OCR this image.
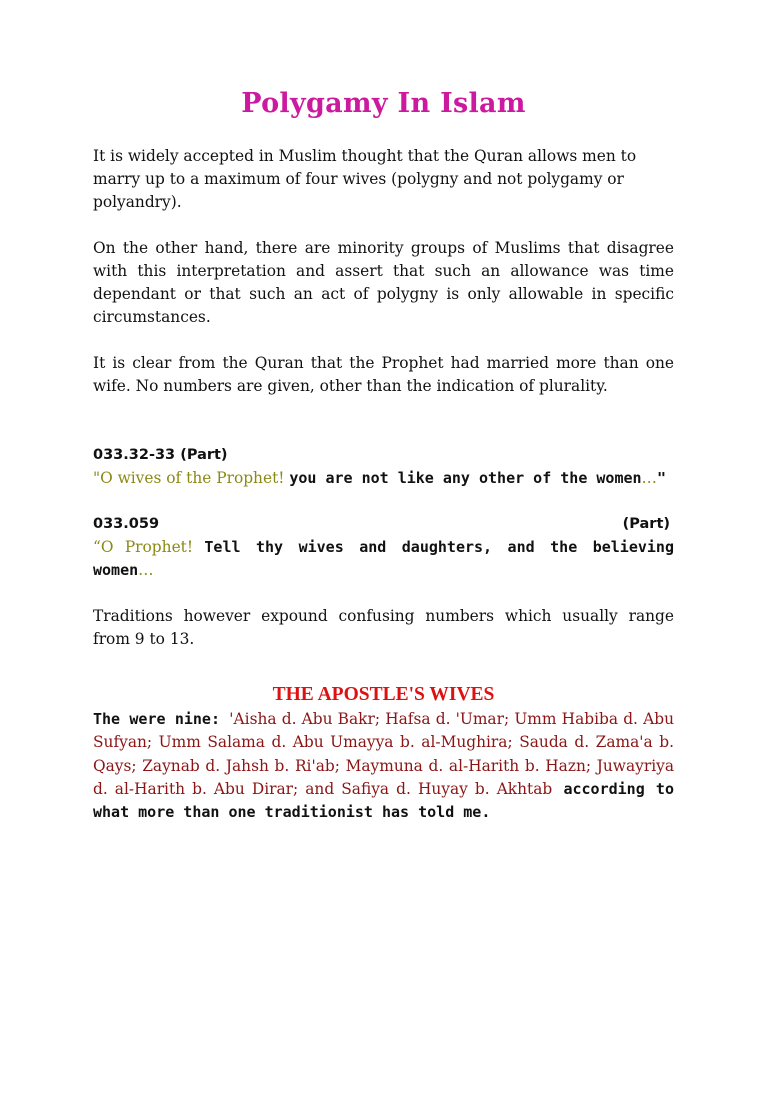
Polygamy In Islam

It is widely accepted in Muslim thought that the Quran allows men to marry up to a maximum of four wives (polygny and not polygamy or polyandry).

On the other hand, there are minority groups of Muslims that disagree with this interpretation and assert that such an allowance was time dependant or that such an act of polygny is only allowable in specific circumstances.

It is clear from the Quran that the Prophet had married more than one wife. No numbers are given, other than the indication of plurality.

033.32-33 (Part)

"O wives of the Prophet! you are not like any other of the women…"

033.059	(Part)

“O Prophet! Tell thy wives and daughters, and the believing women…

Traditions however expound confusing numbers which usually range from 9 to 13.

THE APOSTLE'S WIVES

The were nine: 'Aisha d. Abu Bakr; Hafsa d. 'Umar; Umm Habiba d. Abu Sufyan; Umm Salama d. Abu Umayya b. al-Mughira; Sauda d. Zama'a b. Qays; Zaynab d. Jahsh b. Ri'ab; Maymuna d. al-Harith b. Hazn; Juwayriya d. al-Harith b. Abu Dirar; and Safiya d. Huyay b. Akhtab according to what more than one traditionist has told me.
